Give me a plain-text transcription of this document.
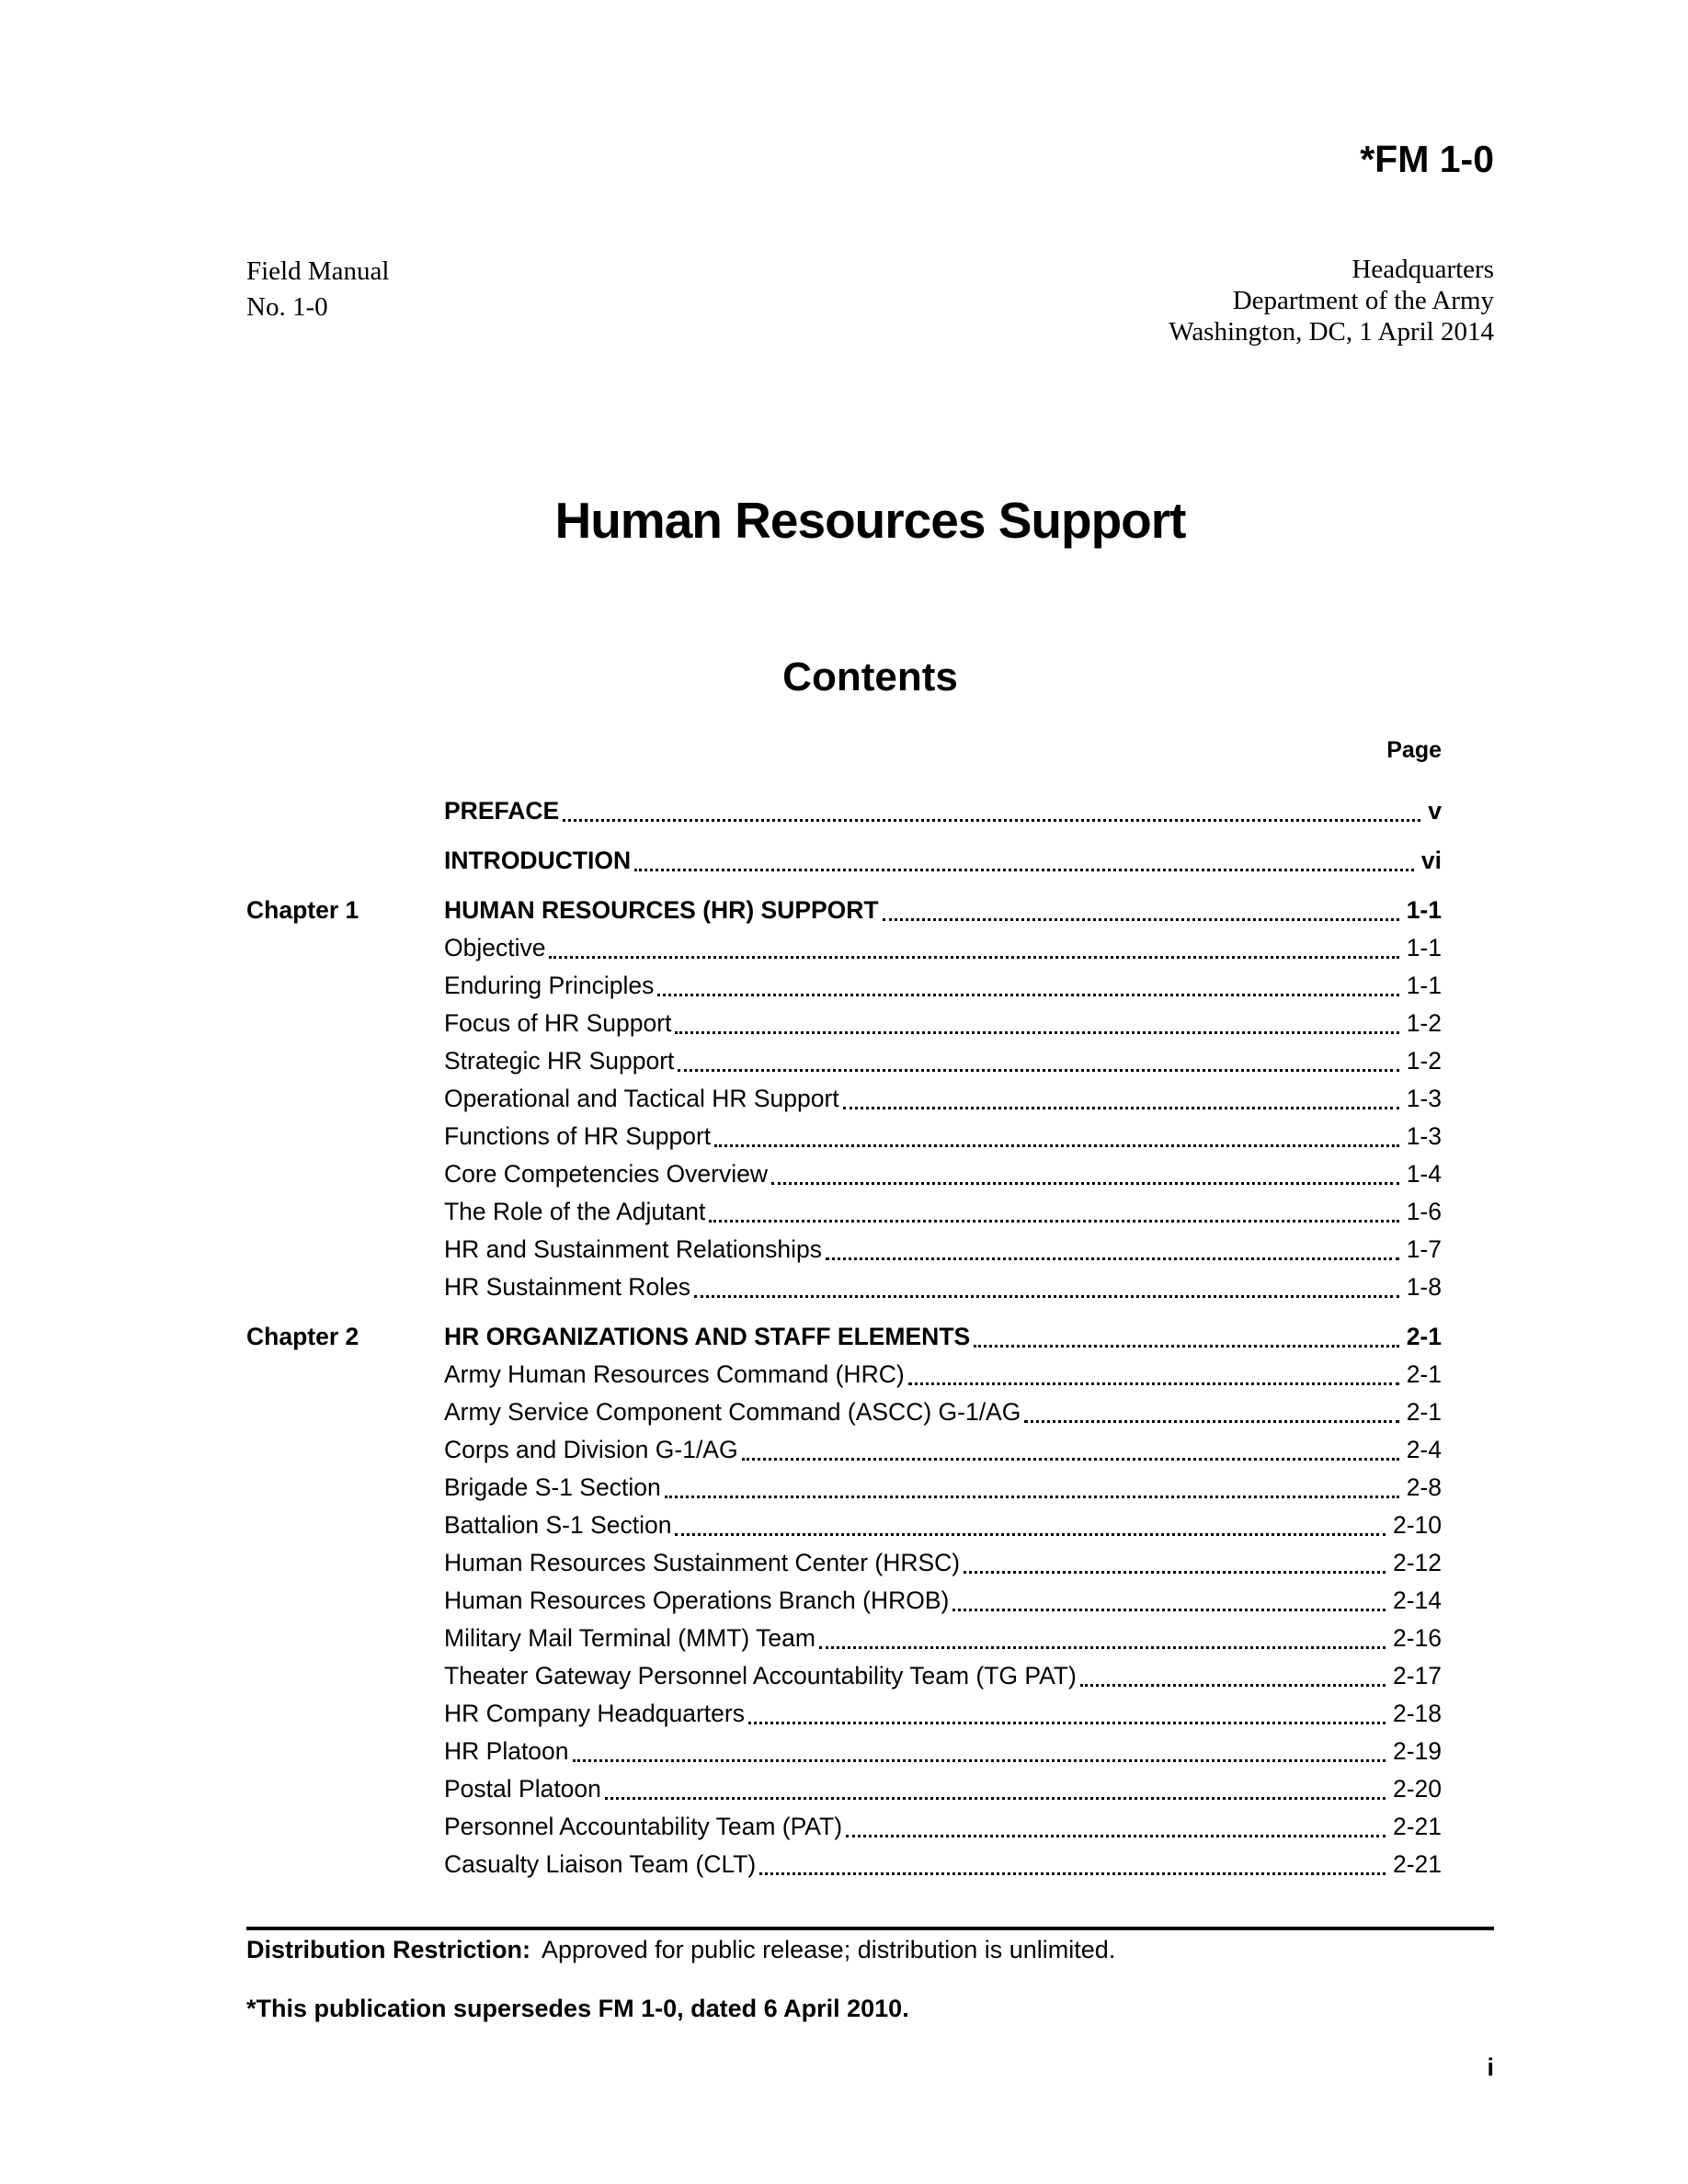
*FM 1-0
Field Manual
No. 1-0
Headquarters
Department of the Army
Washington, DC, 1 April 2014
Human Resources Support
Contents
Page
PREFACE	v
INTRODUCTION	vi
Chapter 1	HUMAN RESOURCES (HR) SUPPORT	1-1
Objective	1-1
Enduring Principles	1-1
Focus of HR Support	1-2
Strategic HR Support	1-2
Operational and Tactical HR Support	1-3
Functions of HR Support	1-3
Core Competencies Overview	1-4
The Role of the Adjutant	1-6
HR and Sustainment Relationships	1-7
HR Sustainment Roles	1-8
Chapter 2	HR ORGANIZATIONS AND STAFF ELEMENTS	2-1
Army Human Resources Command (HRC)	2-1
Army Service Component Command (ASCC) G-1/AG	2-1
Corps and Division G-1/AG	2-4
Brigade S-1 Section	2-8
Battalion S-1 Section	2-10
Human Resources Sustainment Center (HRSC)	2-12
Human Resources Operations Branch (HROB)	2-14
Military Mail Terminal (MMT) Team	2-16
Theater Gateway Personnel Accountability Team (TG PAT)	2-17
HR Company Headquarters	2-18
HR Platoon	2-19
Postal Platoon	2-20
Personnel Accountability Team (PAT)	2-21
Casualty Liaison Team (CLT)	2-21
Distribution Restriction: Approved for public release; distribution is unlimited.
*This publication supersedes FM 1-0, dated 6 April 2010.
i
